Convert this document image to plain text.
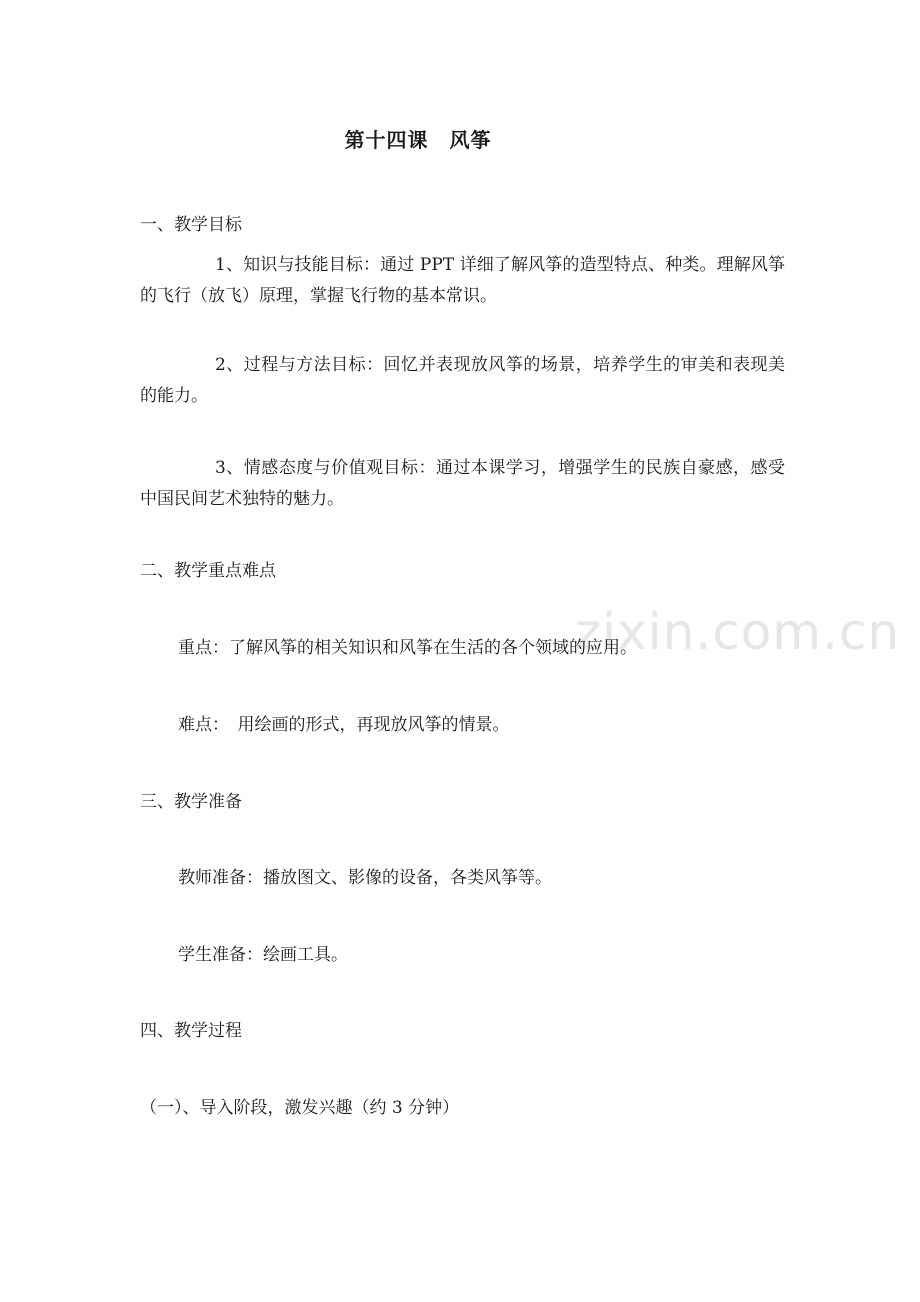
zixin.com.cn

第十四课　风筝

一、教学目标

1、知识与技能目标：通过 PPT 详细了解风筝的造型特点、种类。理解风筝的飞行（放飞）原理，掌握飞行物的基本常识。

2、过程与方法目标：回忆并表现放风筝的场景，培养学生的审美和表现美的能力。

3、情感态度与价值观目标：通过本课学习，增强学生的民族自豪感，感受中国民间艺术独特的魅力。

二、教学重点难点

重点：了解风筝的相关知识和风筝在生活的各个领域的应用。

难点：　用绘画的形式，再现放风筝的情景。

三、教学准备

教师准备：播放图文、影像的设备，各类风筝等。

学生准备：绘画工具。

四、教学过程

（一）、导入阶段，激发兴趣（约 3 分钟）
